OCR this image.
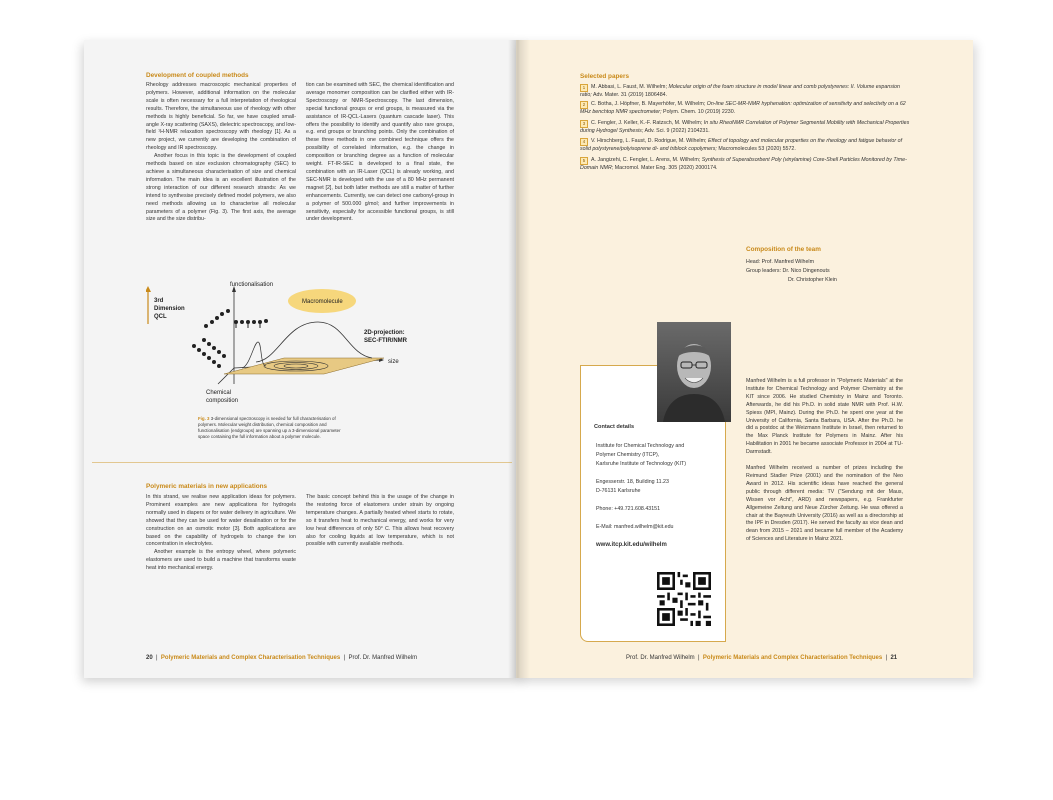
Development of coupled methods

Rheology addresses macroscopic mechanical properties of polymers. However, additional information on the molecular scale is often necessary for a full interpretation of rheological results. Therefore, the simultaneous use of rheology with other methods is highly beneficial. So far, we have coupled small-angle X-ray scattering (SAXS), dielectric spectroscopy, and low-field ¹H-NMR relaxation spectroscopy with rheology [1]. As a new project, we currently are developing the combination of rheology and IR spectroscopy.

Another focus in this topic is the development of coupled methods based on size exclusion chromatography (SEC) to achieve a simultaneous characterisation of size and chemical information. The main idea is an excellent illustration of the strong interaction of our different research strands: As we intend to synthesise precisely defined model polymers, we also need methods allowing us to characterise all molecular parameters of a polymer (Fig. 3). The first axis, the average size and the size distribu-

tion can be examined with SEC, the chemical identification and average monomer composition can be clarified either with IR-Spectroscopy or NMR-Spectroscopy. The last dimension, special functional groups or end groups, is measured via the assistance of IR-QCL-Lasers (quantum cascade laser). This offers the possibility to identify and quantify also rare groups, e.g. end groups or branching points. Only the combination of these three methods in one combined technique offers the possibility of correlated information, e.g. the change in composition or branching degree as a function of molecular weight. FT-IR-SEC is developed to a final state, the combination with an IR-Laser (QCL) is already working, and SEC-NMR is developed with the use of a 80 MHz permanent magnet [2], but both latter methods are still a matter of further enhancements. Currently, we can detect one carbonyl-group in a polymer of 500.000 g/mol; and further improvements in sensitivity, especially for accessible functional groups, is still under development.

3rd
Dimension
QCL
functionalisation
Macromolecule
2D-projection:
SEC-FTIR/NMR
size
Chemical
composition
Fig. 3 3-dimensional spectroscopy is needed for full characterisation of polymers. Molecular weight distribution, chemical composition and functionalisation (endgroups) are spanning up a 3-dimensional parameter space containing the full information about a polymer molecule.
Polymeric materials in new applications

In this strand, we realise new application ideas for polymers. Prominent examples are new applications for hydrogels normally used in diapers or for water delivery in agriculture. We showed that they can be used for water desalination or for the construction on an osmotic motor [3]. Both applications are based on the capability of hydrogels to change the ion concentration in electrolytes.

Another example is the entropy wheel, where polymeric elastomers are used to build a machine that transforms waste heat into mechanical energy.

The basic concept behind this is the usage of the change in the restoring force of elastomers under strain by ongoing temperature changes. A partially heated wheel starts to rotate, so it transfers heat to mechanical energy, and works for very low heat differences of only 50° C. This allows heat recovery also for cooling liquids at low temperature, which is not possible with currently available methods.

20  |  Polymeric Materials and Complex Characterisation Techniques  |  Prof. Dr. Manfred Wilhelm
Selected papers
1 M. Abbasi, L. Faust, M. Wilhelm; Molecular origin of the foam structure in model linear and comb polystyrenes: II. Volume expansion ratio; Adv. Mater. 31 (2019) 1806484.
2 C. Botha, J. Höpfner, B. Mayerhöfer, M. Wilhelm; On-line SEC-MR-NMR hyphenation: optimization of sensitivity and selectivity on a 62 MHz benchtop NMR spectrometer; Polym. Chem. 10 (2019) 2230.
3 C. Fengler, J. Keller, K.-F. Ratzsch, M. Wilhelm; In situ RheoNMR Correlation of Polymer Segmental Mobility with Mechanical Properties during Hydrogel Synthesis; Adv. Sci. 9 (2022) 2104231.
4 V. Hirschberg, L. Faust, D. Rodrigue, M. Wilhelm; Effect of topology and molecular properties on the rheology and fatigue behavior of solid polystyrene/polyisoprene di- and triblock copolymers; Macromolecules 53 (2020) 5572.
5 A. Jangizehi, C. Fengler, L. Arens, M. Wilhelm; Synthesis of Superabsorbent Poly (vinylamine) Core-Shell Particles Monitored by Time-Domain NMR; Macromol. Mater Eng. 305 (2020) 2000174.
Composition of the team
Head: Prof. Manfred Wilhelm
Group leaders: Dr. Nico Dingenouts
Dr. Christopher Klein
Contact details
Institute for Chemical Technology and
Polymer Chemistry (ITCP),
Karlsruhe Institute of Technology (KIT)
Engesserstr. 18, Building 11.23
D-76131 Karlsruhe
Phone: +49.721.608.43151
E-Mail: manfred.wilhelm@kit.edu
www.itcp.kit.edu/wilhelm

Manfred Wilhelm is a full professor in "Polymeric Materials" at the Institute for Chemical Technology and Polymer Chemistry at the KIT since 2006. He studied Chemistry in Mainz and Toronto. Afterwards, he did his Ph.D. in solid state NMR with Prof. H.W. Spiess (MPI, Mainz). During the Ph.D. he spent one year at the University of California, Santa Barbara, USA. After the Ph.D. he did a postdoc at the Weizmann Institute in Israel, then returned to the Max Planck Institute for Polymers in Mainz. After his Habilitation in 2001 he became associate Professor in 2004 at TU-Darmstadt.

Manfred Wilhelm received a number of prizes including the Reimund Stadler Prize (2001) and the nomination of the Neo Award in 2012. His scientific ideas have reached the general public through different media: TV ("Sendung mit der Maus, Wissen vor Acht", ARD) and newspapers, e.g. Frankfurter Allgemeine Zeitung and Neue Zürcher Zeitung. He was offered a chair at the Bayreuth University (2016) as well as a directorship at the IPF in Dresden (2017). He served the faculty as vice dean and dean from 2015 – 2021 and became full member of the Academy of Sciences and Literature in Mainz 2021.

Prof. Dr. Manfred Wilhelm  |  Polymeric Materials and Complex Characterisation Techniques  |  21
